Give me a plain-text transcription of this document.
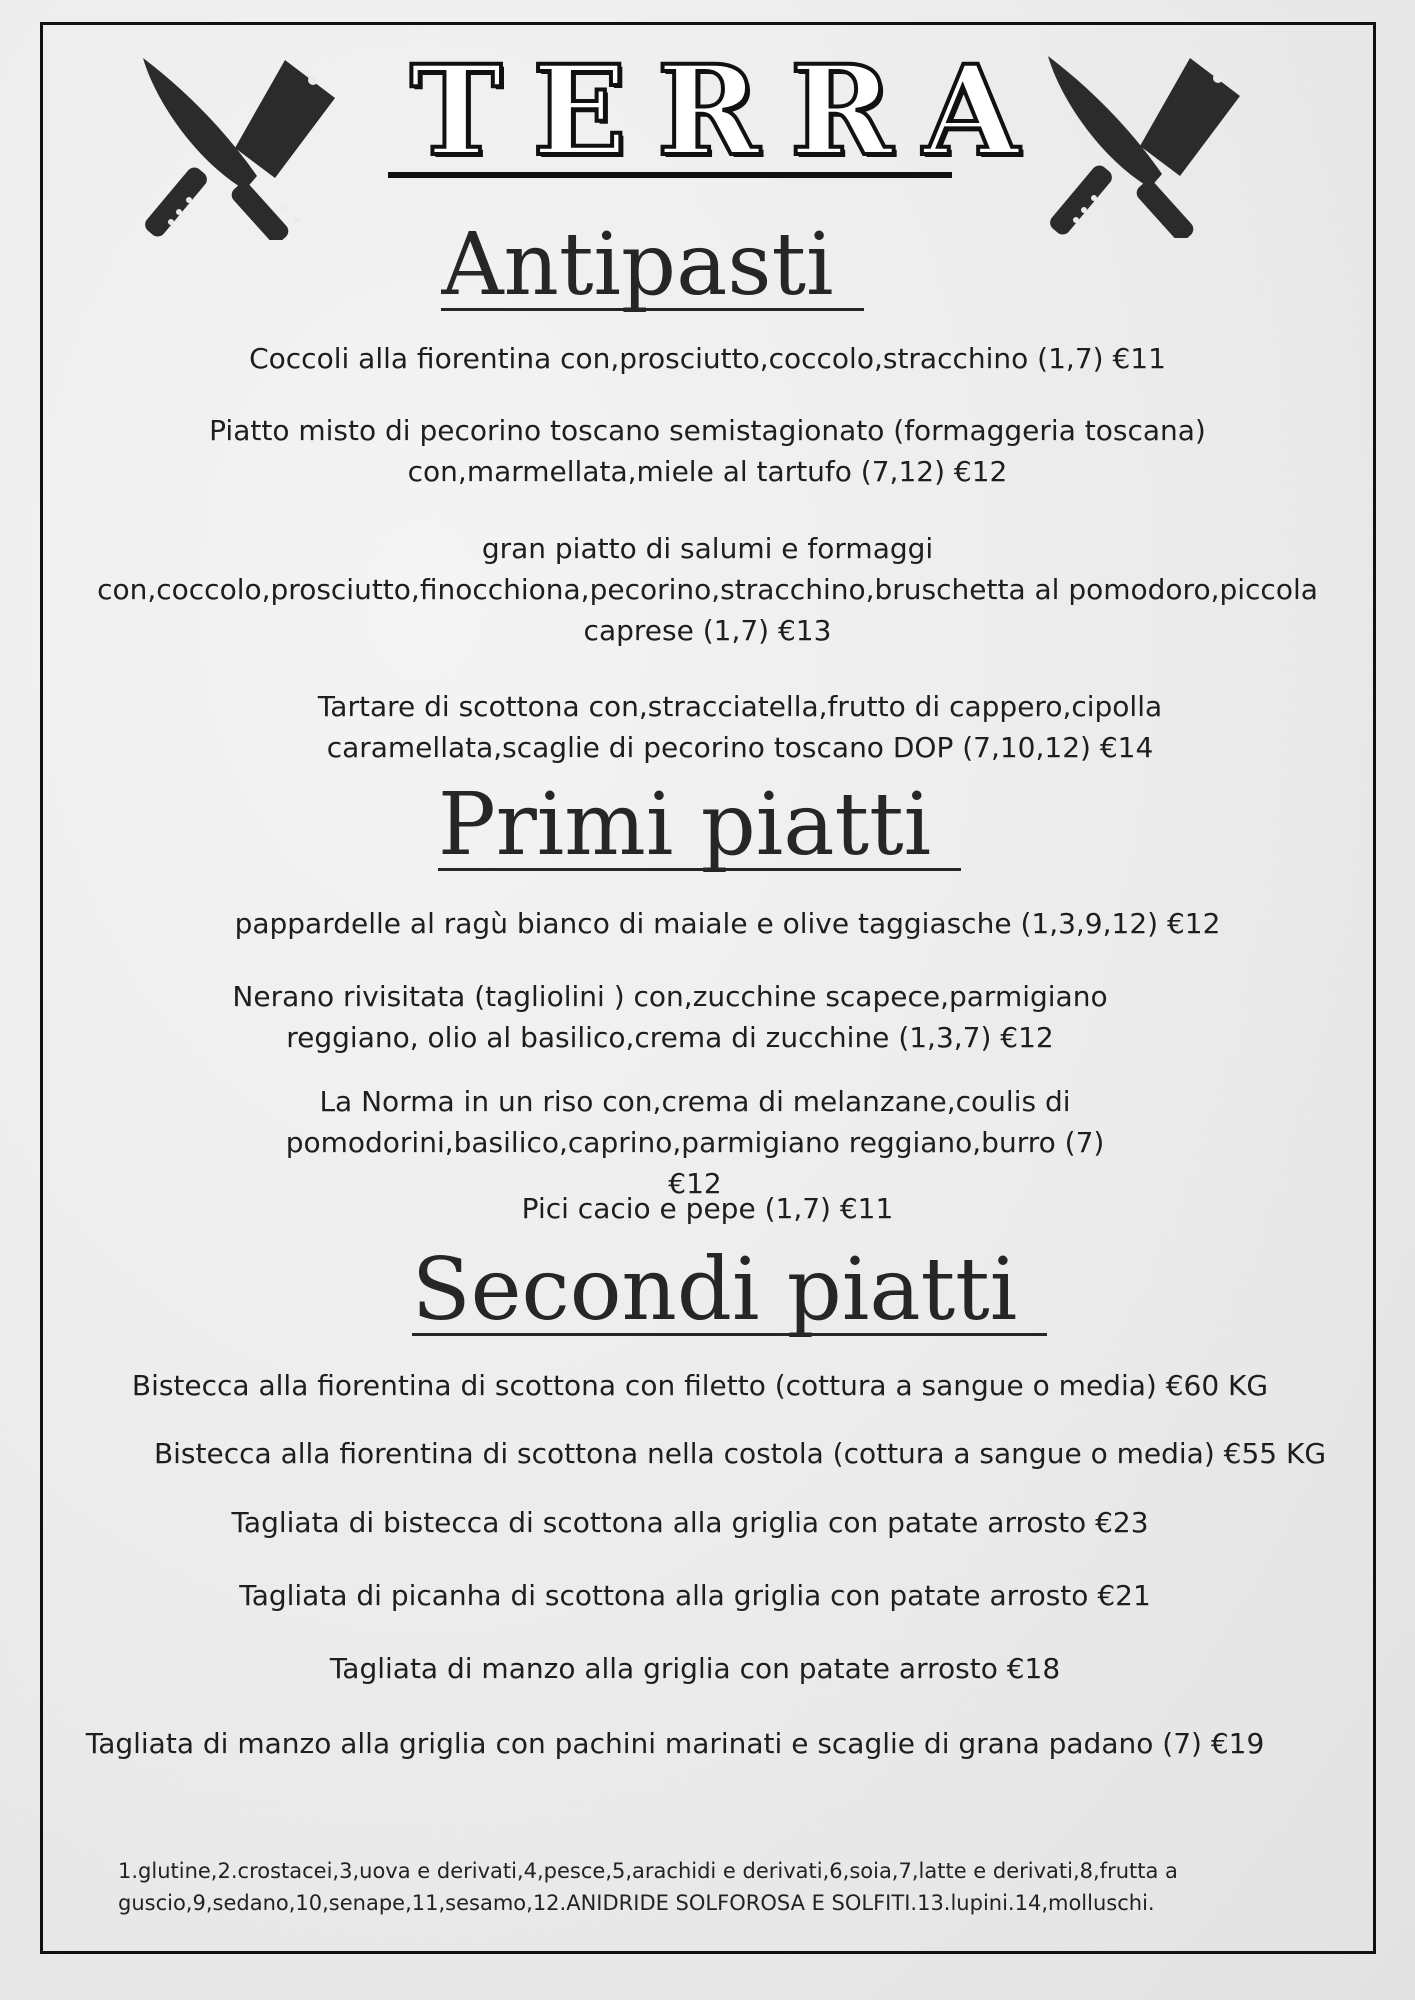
TERRA
Antipasti
Coccoli alla fiorentina con,prosciutto,coccolo,stracchino (1,7) €11
Piatto misto di pecorino toscano semistagionato (formaggeria toscana) con,marmellata,miele al tartufo (7,12) €12
gran piatto di salumi e formaggi con,coccolo,prosciutto,finocchiona,pecorino,stracchino,bruschetta al pomodoro,piccola caprese (1,7) €13
Tartare di scottona con,stracciatella,frutto di cappero,cipolla caramellata,scaglie di pecorino toscano DOP (7,10,12) €14
Primi piatti
pappardelle al ragù bianco di maiale e olive taggiasche (1,3,9,12) €12
Nerano rivisitata (tagliolini ) con,zucchine scapece,parmigiano reggiano, olio al basilico,crema di zucchine (1,3,7) €12
La Norma in un riso con,crema di melanzane,coulis di pomodorini,basilico,caprino,parmigiano reggiano,burro (7) €12
Pici cacio e pepe (1,7) €11
Secondi piatti
Bistecca alla fiorentina di scottona con filetto (cottura a sangue o media) €60 KG
Bistecca alla fiorentina di scottona nella costola (cottura a sangue o media) €55 KG
Tagliata di bistecca di scottona alla griglia con patate arrosto €23
Tagliata di picanha di scottona alla griglia con patate arrosto €21
Tagliata di manzo alla griglia con patate arrosto €18
Tagliata di manzo alla griglia con pachini marinati e scaglie di grana padano (7) €19
1.glutine,2.crostacei,3,uova e derivati,4,pesce,5,arachidi e derivati,6,soia,7,latte e derivati,8,frutta a guscio,9,sedano,10,senape,11,sesamo,12.ANIDRIDE SOLFOROSA E SOLFITI.13.lupini.14,molluschi.
